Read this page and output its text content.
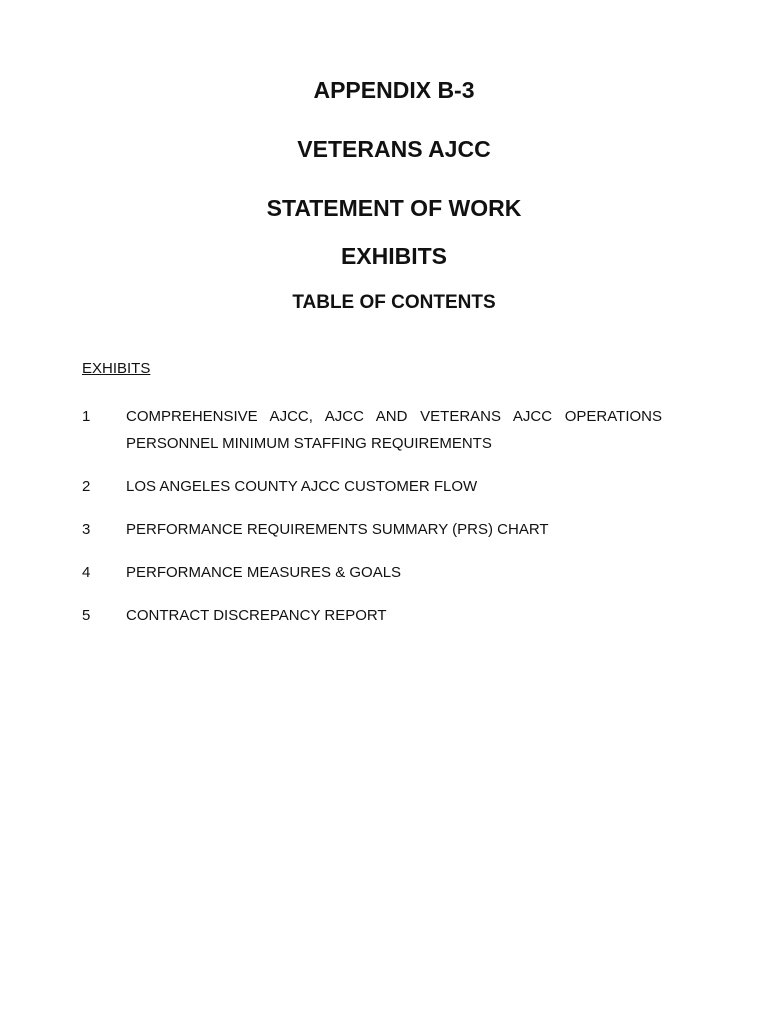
APPENDIX B-3
VETERANS AJCC
STATEMENT OF WORK
EXHIBITS
TABLE OF CONTENTS

EXHIBITS

1	COMPREHENSIVE AJCC, AJCC AND VETERANS AJCC OPERATIONS
PERSONNEL MINIMUM STAFFING REQUIREMENTS
2	LOS ANGELES COUNTY AJCC CUSTOMER FLOW
3	PERFORMANCE REQUIREMENTS SUMMARY (PRS) CHART
4	PERFORMANCE MEASURES & GOALS
5	CONTRACT DISCREPANCY REPORT
